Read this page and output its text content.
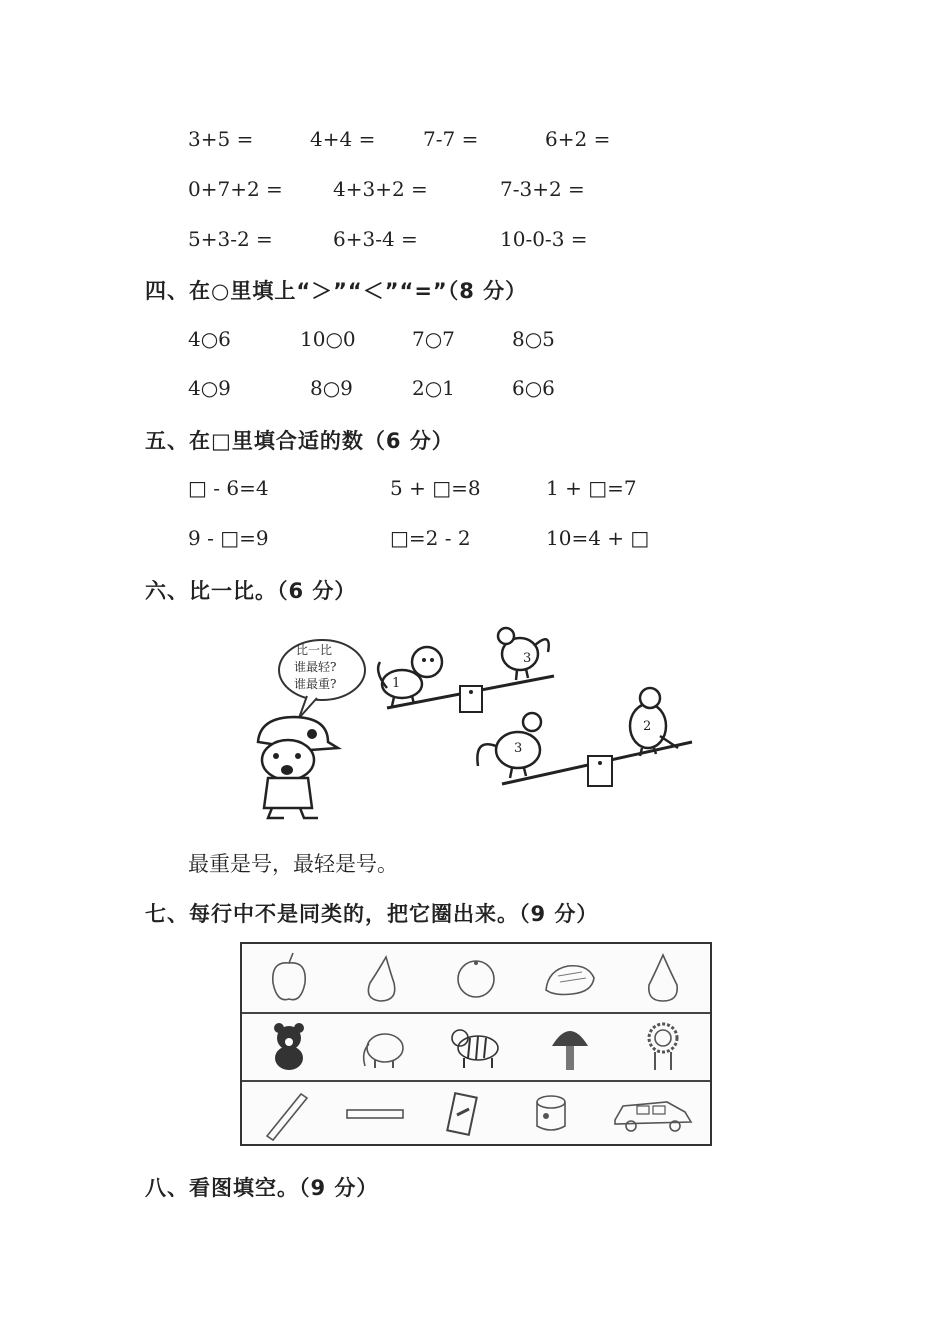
3+5 =	4+4 = 7-7 =	6+2 =
0+7+2 =	4+3+2 =	7-3+2 =
5+3-2 =	6+3-4 =	10-0-3 =
四、在○里填上“＞”“＜”“=”（8 分）
4○6	10○0	7○7	8○5
4○9	8○9	2○1	6○6
五、在□里填合适的数（6 分）
□ - 6=4	5 + □=8	1 + □=7
9 - □=9	□=2 - 2	10=4 + □
六、比一比。（6 分）
比一比
谁最轻?
谁最重?	1
3
3
2
最重是号，最轻是号。
七、每行中不是同类的，把它圈出来。（9 分）
八、看图填空。（9 分）
